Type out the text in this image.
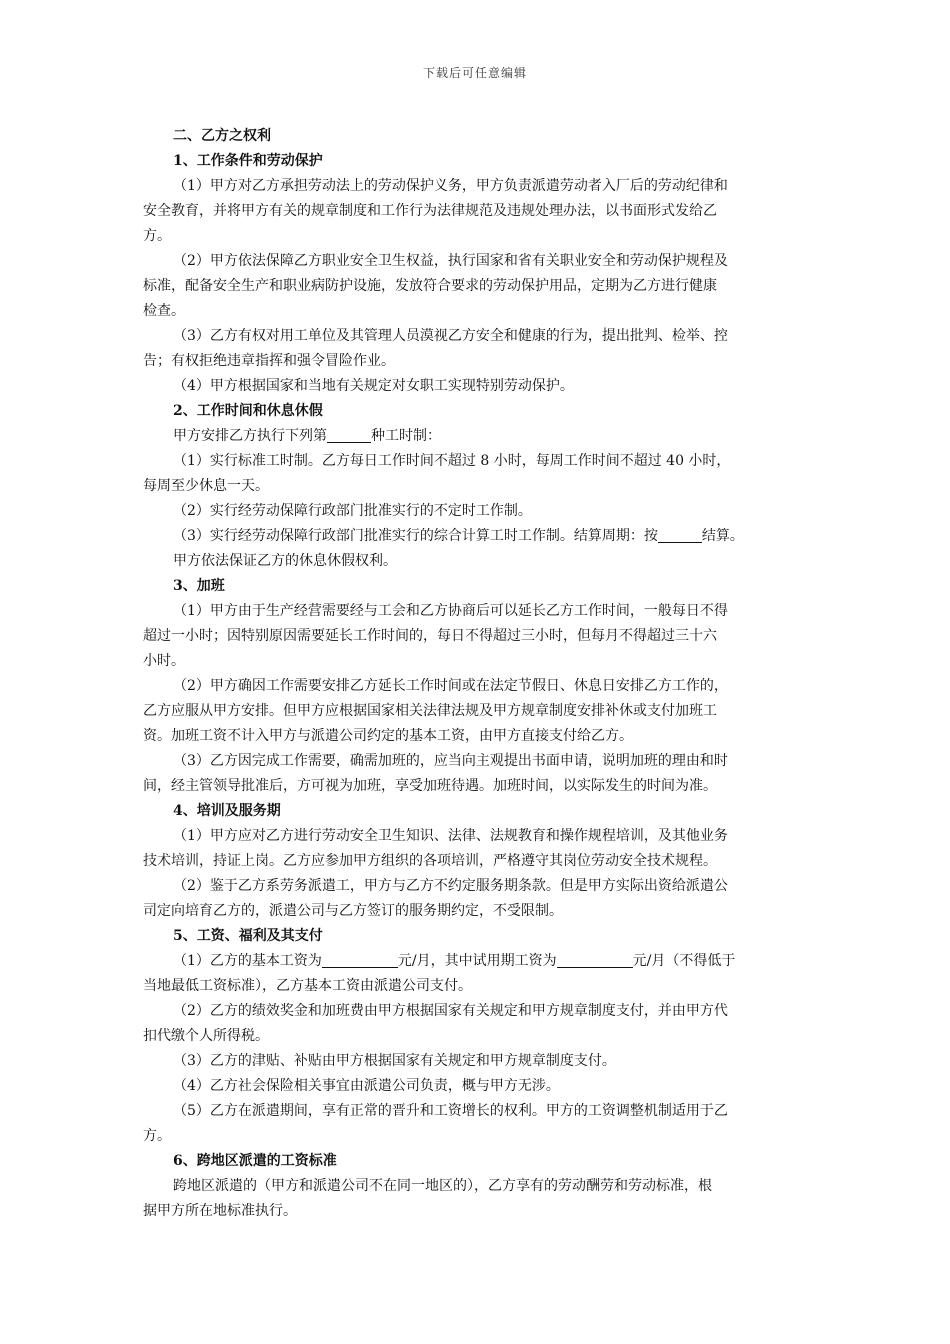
下载后可任意编辑
二、乙方之权利
1、工作条件和劳动保护
（1）甲方对乙方承担劳动法上的劳动保护义务，甲方负责派遣劳动者入厂后的劳动纪律和
安全教育，并将甲方有关的规章制度和工作行为法律规范及违规处理办法，以书面形式发给乙
方。
（2）甲方依法保障乙方职业安全卫生权益，执行国家和省有关职业安全和劳动保护规程及
标准，配备安全生产和职业病防护设施，发放符合要求的劳动保护用品，定期为乙方进行健康
检查。
（3）乙方有权对用工单位及其管理人员漠视乙方安全和健康的行为，提出批判、检举、控
告；有权拒绝违章指挥和强令冒险作业。
（4）甲方根据国家和当地有关规定对女职工实现特别劳动保护。
2、工作时间和休息休假
甲方安排乙方执行下列第	种工时制：
（1）实行标准工时制。乙方每日工作时间不超过 8 小时，每周工作时间不超过 40 小时，
每周至少休息一天。
（2）实行经劳动保障行政部门批准实行的不定时工作制。
（3）实行经劳动保障行政部门批准实行的综合计算工时工作制。结算周期：按	结算。
甲方依法保证乙方的休息休假权利。
3、加班
（1）甲方由于生产经营需要经与工会和乙方协商后可以延长乙方工作时间，一般每日不得
超过一小时；因特别原因需要延长工作时间的，每日不得超过三小时，但每月不得超过三十六
小时。
（2）甲方确因工作需要安排乙方延长工作时间或在法定节假日、休息日安排乙方工作的，
乙方应服从甲方安排。但甲方应根据国家相关法律法规及甲方规章制度安排补休或支付加班工
资。加班工资不计入甲方与派遣公司约定的基本工资，由甲方直接支付给乙方。
（3）乙方因完成工作需要，确需加班的，应当向主观提出书面申请，说明加班的理由和时
间，经主管领导批准后，方可视为加班，享受加班待遇。加班时间，以实际发生的时间为准。
4、培训及服务期
（1）甲方应对乙方进行劳动安全卫生知识、法律、法规教育和操作规程培训，及其他业务
技术培训，持证上岗。乙方应参加甲方组织的各项培训，严格遵守其岗位劳动安全技术规程。
（2）鉴于乙方系劳务派遣工，甲方与乙方不约定服务期条款。但是甲方实际出资给派遣公
司定向培育乙方的，派遣公司与乙方签订的服务期约定，不受限制。
5、工资、福利及其支付
（1）乙方的基本工资为	元/月，其中试用期工资为	元/月（不得低于
当地最低工资标准），乙方基本工资由派遣公司支付。
（2）乙方的绩效奖金和加班费由甲方根据国家有关规定和甲方规章制度支付，并由甲方代
扣代缴个人所得税。
（3）乙方的津贴、补贴由甲方根据国家有关规定和甲方规章制度支付。
（4）乙方社会保险相关事宜由派遣公司负责，概与甲方无涉。
（5）乙方在派遣期间，享有正常的晋升和工资增长的权利。甲方的工资调整机制适用于乙
方。
6、跨地区派遣的工资标准
跨地区派遣的（甲方和派遣公司不在同一地区的），乙方享有的劳动酬劳和劳动标准，根
据甲方所在地标准执行。
